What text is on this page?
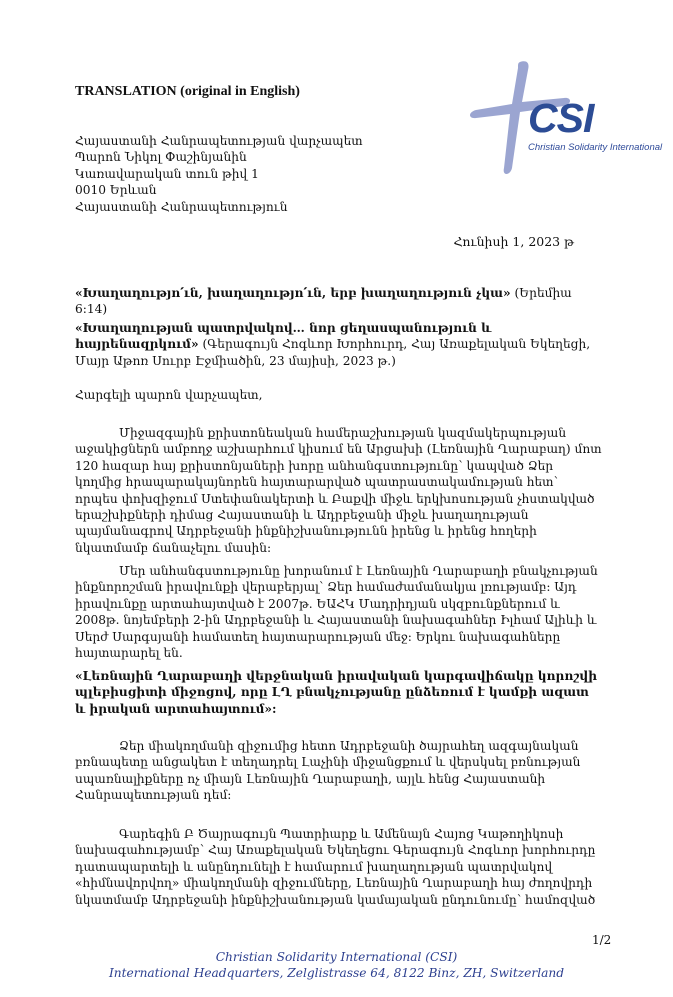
TRANSLATION (original in English)
CSI
Christian Solidarity International
Հայաստանի Հանրապետության վարչապետ
Պարոն Նիկոլ Փաշինյանին
Կառավարական տուն թիվ 1
0010 Երևան
Հայաստանի Հանրապետություն
Հունիսի 1, 2023 թ
«Խաղաղությո՛ւն, խաղաղությո՛ւն, երբ խաղաղություն չկա» (Երեմիա 6:14)
«Խաղաղության պատրվակով… նոր ցեղասպանություն և հայրենազրկում» (Գերագույն Հոգևոր Խորհուրդ, Հայ Առաքելական Եկեղեցի, Մայր Աթոռ Սուրբ Էջմիածին, 23 մայիսի, 2023 թ.)
Հարգելի պարոն վարչապետ,
Միջազգային քրիստոնեական համերաշխության կազմակերպության աջակիցներն ամբողջ աշխարհում կիսում են Արցախի (Լեռնային Ղարաբաղ) մոտ 120 հազար հայ քրիստոնյաների խորը անհանգստությունը՝ կապված Ձեր կողմից հրապարակայնորեն հայտարարված պատրաստակամության հետ՝ որպես փոխզիջում Ստեփանակերտի և Բաքվի միջև երկխոսության չհստակված երաշխիքների դիմաց Հայաստանի և Ադրբեջանի միջև խաղաղության պայմանագրով Ադրբեջանի ինքնիշխանությունն իրենց և իրենց հողերի նկատմամբ ճանաչելու մասին:
Մեր անհանգստությունը խորանում է Լեռնային Ղարաբաղի բնակչության ինքնորոշման իրավունքի վերաբերյալ՝ Ձեր համաժամանակյա լռությամբ: Այդ իրավունքը արտահայտված է 2007թ. ԵԱՀԿ Մադրիդյան սկզբունքներում և 2008թ. նոյեմբերի 2-ին Ադրբեջանի և Հայաստանի նախագահներ Իլհամ Ալիևի և Սերժ Սարգսյանի համատեղ հայտարարության մեջ: Երկու նախագահները հայտարարել են.
«Լեռնային Ղարաբաղի վերջնական իրավական կարգավիճակը կորոշվի պլեբիսցիտի միջոցով, որը ԼՂ բնակչությանը ընձեռում է կամքի ազատ և իրական արտահայտում»:
Ձեր միակողմանի զիջումից հետո Ադրբեջանի ծայրահեղ ազգայնական բռնապետը անցակետ է տեղադրել Լաչինի միջանցքում և վերսկսել բռնության սպառնալիքները ոչ միայն Լեռնային Ղարաբաղի, այլև հենց Հայաստանի Հանրապետության դեմ:
Գարեգին Բ Ծայրագույն Պատրիարք և Ամենայն Հայոց Կաթողիկոսի նախագահությամբ՝ Հայ Առաքելական Եկեղեցու Գերագույն Հոգևոր խորհուրդը դատապարտելի և անընդունելի է համարում խաղաղության պատրվակով «հիմնավորվող» միակողմանի զիջումները, Լեռնային Ղարաբաղի հայ ժողովրդի նկատմամբ Ադրբեջանի ինքնիշխանության կամայական ընդունումը՝ համոզված
1/2
Christian Solidarity International (CSI)
International Headquarters, Zelglistrasse 64, 8122 Binz, ZH, Switzerland
